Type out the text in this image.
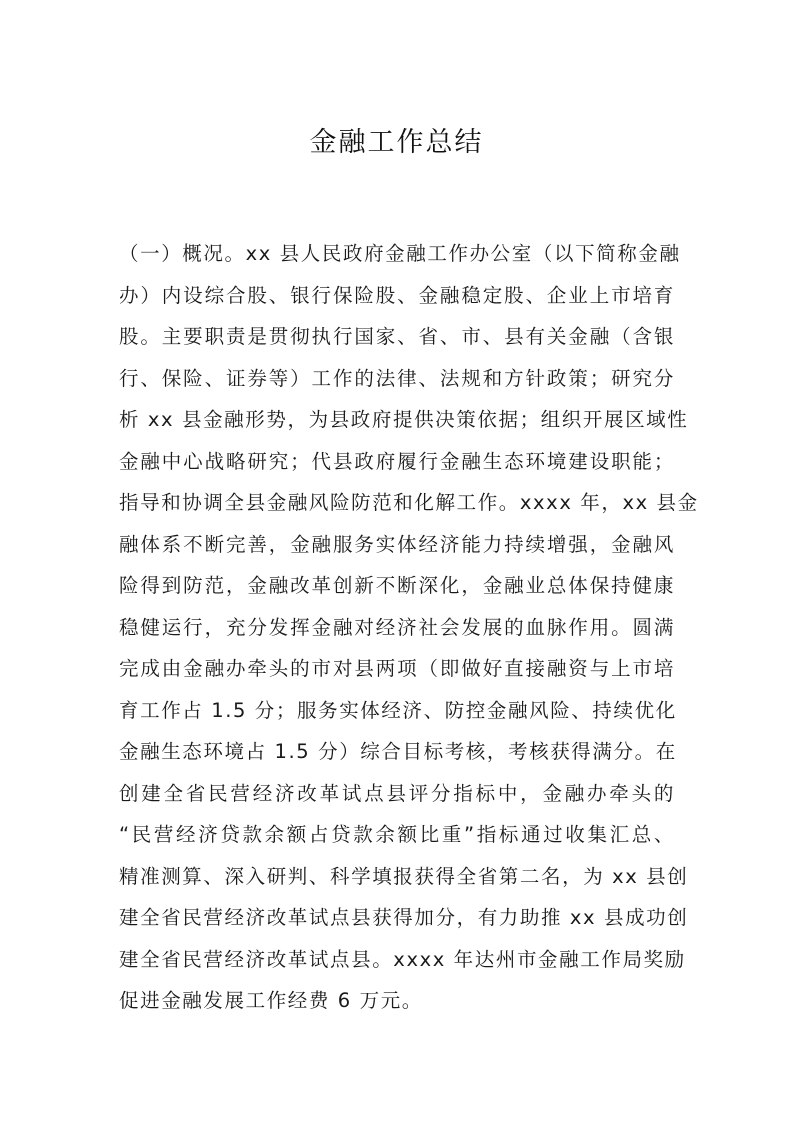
金融工作总结
（一）概况。xx 县人民政府金融工作办公室（以下简称金融
办）内设综合股、银行保险股、金融稳定股、企业上市培育
股。主要职责是贯彻执行国家、省、市、县有关金融（含银
行、保险、证券等）工作的法律、法规和方针政策；研究分
析 xx 县金融形势，为县政府提供决策依据；组织开展区域性
金融中心战略研究；代县政府履行金融生态环境建设职能；
指导和协调全县金融风险防范和化解工作。xxxx 年，xx 县金
融体系不断完善，金融服务实体经济能力持续增强，金融风
险得到防范，金融改革创新不断深化，金融业总体保持健康
稳健运行，充分发挥金融对经济社会发展的血脉作用。圆满
完成由金融办牵头的市对县两项（即做好直接融资与上市培
育工作占 1.5 分；服务实体经济、防控金融风险、持续优化
金融生态环境占 1.5 分）综合目标考核，考核获得满分。在
创建全省民营经济改革试点县评分指标中，金融办牵头的
“民营经济贷款余额占贷款余额比重”指标通过收集汇总、
精准测算、深入研判、科学填报获得全省第二名，为 xx 县创
建全省民营经济改革试点县获得加分，有力助推 xx 县成功创
建全省民营经济改革试点县。xxxx 年达州市金融工作局奖励
促进金融发展工作经费 6 万元。
